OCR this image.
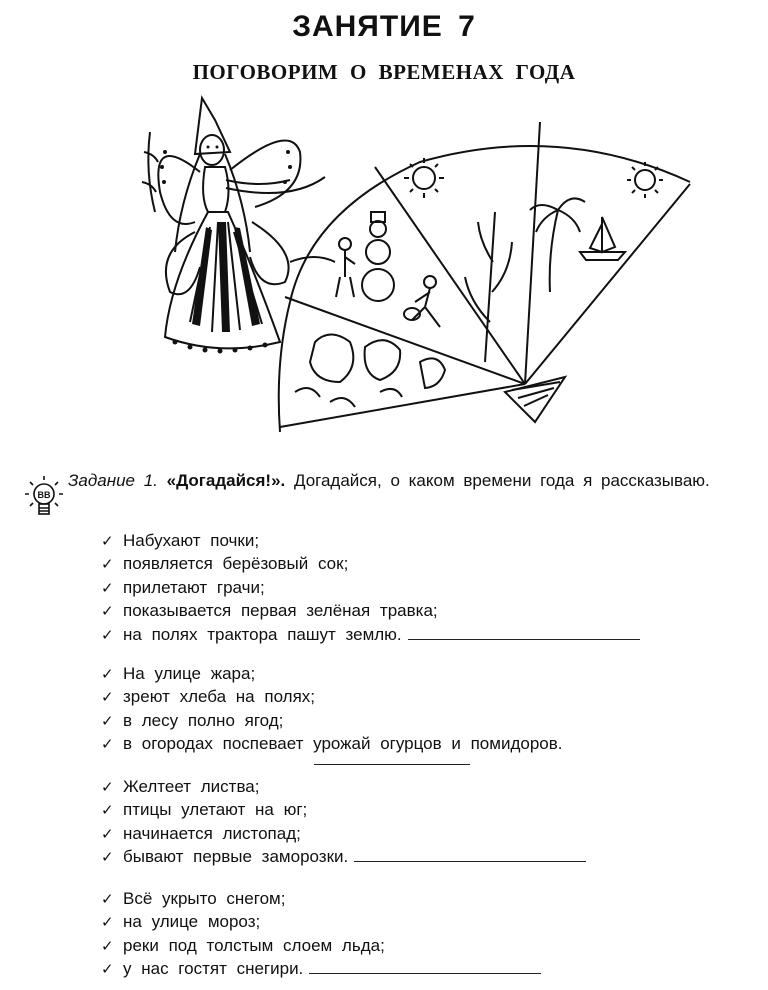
ЗАНЯТИЕ 7
ПОГОВОРИМ О ВРЕМЕНАХ ГОДА
BB
Задание 1. «Догадайся!». Догадайся, о каком времени года я рассказываю.
✓ Набухают почки;
✓ появляется берёзовый сок;
✓ прилетают грачи;
✓ показывается первая зелёная травка;
✓ на полях трактора пашут землю.
✓ На улице жара;
✓ зреют хлеба на полях;
✓ в лесу полно ягод;
✓ в огородах поспевает урожай огурцов и помидоров.
✓ Желтеет листва;
✓ птицы улетают на юг;
✓ начинается листопад;
✓ бывают первые заморозки.
✓ Всё укрыто снегом;
✓ на улице мороз;
✓ реки под толстым слоем льда;
✓ у нас гостят снегири.
